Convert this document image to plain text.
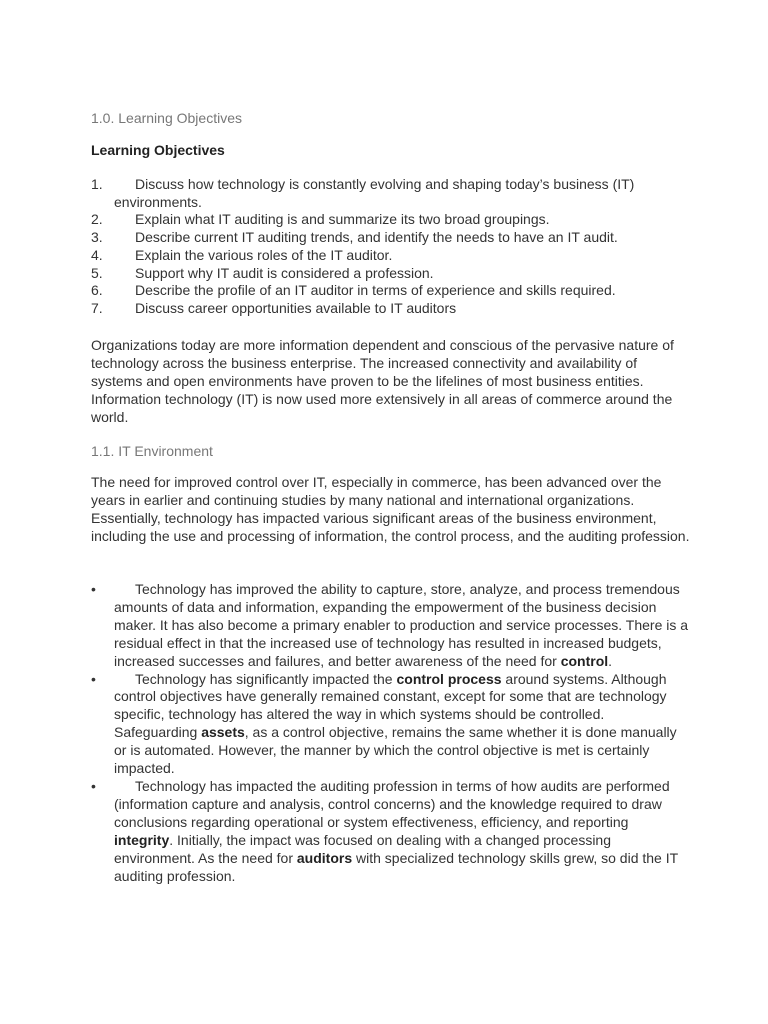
1.0. Learning Objectives
Learning Objectives
1. Discuss how technology is constantly evolving and shaping today’s business (IT) environments.
2. Explain what IT auditing is and summarize its two broad groupings.
3. Describe current IT auditing trends, and identify the needs to have an IT audit.
4. Explain the various roles of the IT auditor.
5. Support why IT audit is considered a profession.
6. Describe the profile of an IT auditor in terms of experience and skills required.
7. Discuss career opportunities available to IT auditors

Organizations today are more information dependent and conscious of the pervasive nature of technology across the business enterprise. The increased connectivity and availability of systems and open environments have proven to be the lifelines of most business entities. Information technology (IT) is now used more extensively in all areas of commerce around the world.

1.1. IT Environment

The need for improved control over IT, especially in commerce, has been advanced over the years in earlier and continuing studies by many national and international organizations. Essentially, technology has impacted various significant areas of the business environment, including the use and processing of information, the control process, and the auditing profession.

•	Technology has improved the ability to capture, store, analyze, and process tremendous amounts of data and information, expanding the empowerment of the business decision maker. It has also become a primary enabler to production and service processes. There is a residual effect in that the increased use of technology has resulted in increased budgets, increased successes and failures, and better awareness of the need for control.
•	Technology has significantly impacted the control process around systems. Although control objectives have generally remained constant, except for some that are technology specific, technology has altered the way in which systems should be controlled. Safeguarding assets, as a control objective, remains the same whether it is done manually or is automated. However, the manner by which the control objective is met is certainly impacted.
•	Technology has impacted the auditing profession in terms of how audits are performed (information capture and analysis, control concerns) and the knowledge required to draw conclusions regarding operational or system effectiveness, efficiency, and reporting integrity. Initially, the impact was focused on dealing with a changed processing environment. As the need for auditors with specialized technology skills grew, so did the IT auditing profession.
